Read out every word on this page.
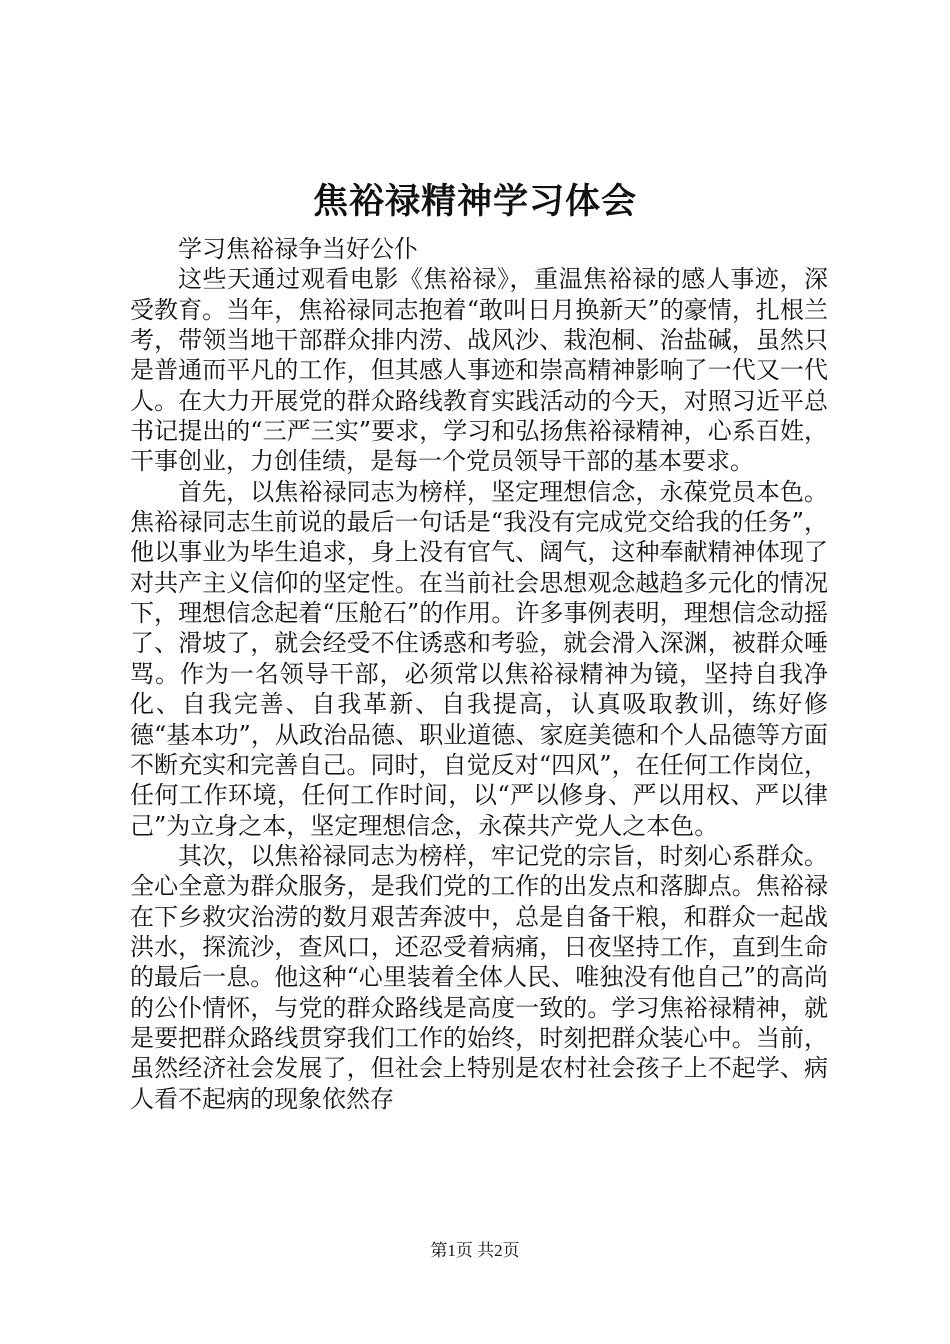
焦裕禄精神学习体会

学习焦裕禄争当好公仆

这些天通过观看电影《焦裕禄》，重温焦裕禄的感人事迹，深受教育。当年，焦裕禄同志抱着“敢叫日月换新天”的豪情，扎根兰考，带领当地干部群众排内涝、战风沙、栽泡桐、治盐碱，虽然只是普通而平凡的工作，但其感人事迹和崇高精神影响了一代又一代人。在大力开展党的群众路线教育实践活动的今天，对照习近平总书记提出的“三严三实”要求，学习和弘扬焦裕禄精神，心系百姓，干事创业，力创佳绩，是每一个党员领导干部的基本要求。

首先，以焦裕禄同志为榜样，坚定理想信念，永葆党员本色。焦裕禄同志生前说的最后一句话是“我没有完成党交给我的任务”，他以事业为毕生追求，身上没有官气、阔气，这种奉献精神体现了对共产主义信仰的坚定性。在当前社会思想观念越趋多元化的情况下，理想信念起着“压舱石”的作用。许多事例表明，理想信念动摇了、滑坡了，就会经受不住诱惑和考验，就会滑入深渊，被群众唾骂。作为一名领导干部，必须常以焦裕禄精神为镜，坚持自我净化、自我完善、自我革新、自我提高，认真吸取教训，练好修德“基本功”，从政治品德、职业道德、家庭美德和个人品德等方面不断充实和完善自己。同时，自觉反对“四风”，在任何工作岗位，任何工作环境，任何工作时间，以“严以修身、严以用权、严以律己”为立身之本，坚定理想信念，永葆共产党人之本色。

其次，以焦裕禄同志为榜样，牢记党的宗旨，时刻心系群众。全心全意为群众服务，是我们党的工作的出发点和落脚点。焦裕禄在下乡救灾治涝的数月艰苦奔波中，总是自备干粮，和群众一起战洪水，探流沙，查风口，还忍受着病痛，日夜坚持工作，直到生命的最后一息。他这种“心里装着全体人民、唯独没有他自己”的高尚的公仆情怀，与党的群众路线是高度一致的。学习焦裕禄精神，就是要把群众路线贯穿我们工作的始终，时刻把群众装心中。当前，虽然经济社会发展了，但社会上特别是农村社会孩子上不起学、病人看不起病的现象依然存

第1页 共2页
